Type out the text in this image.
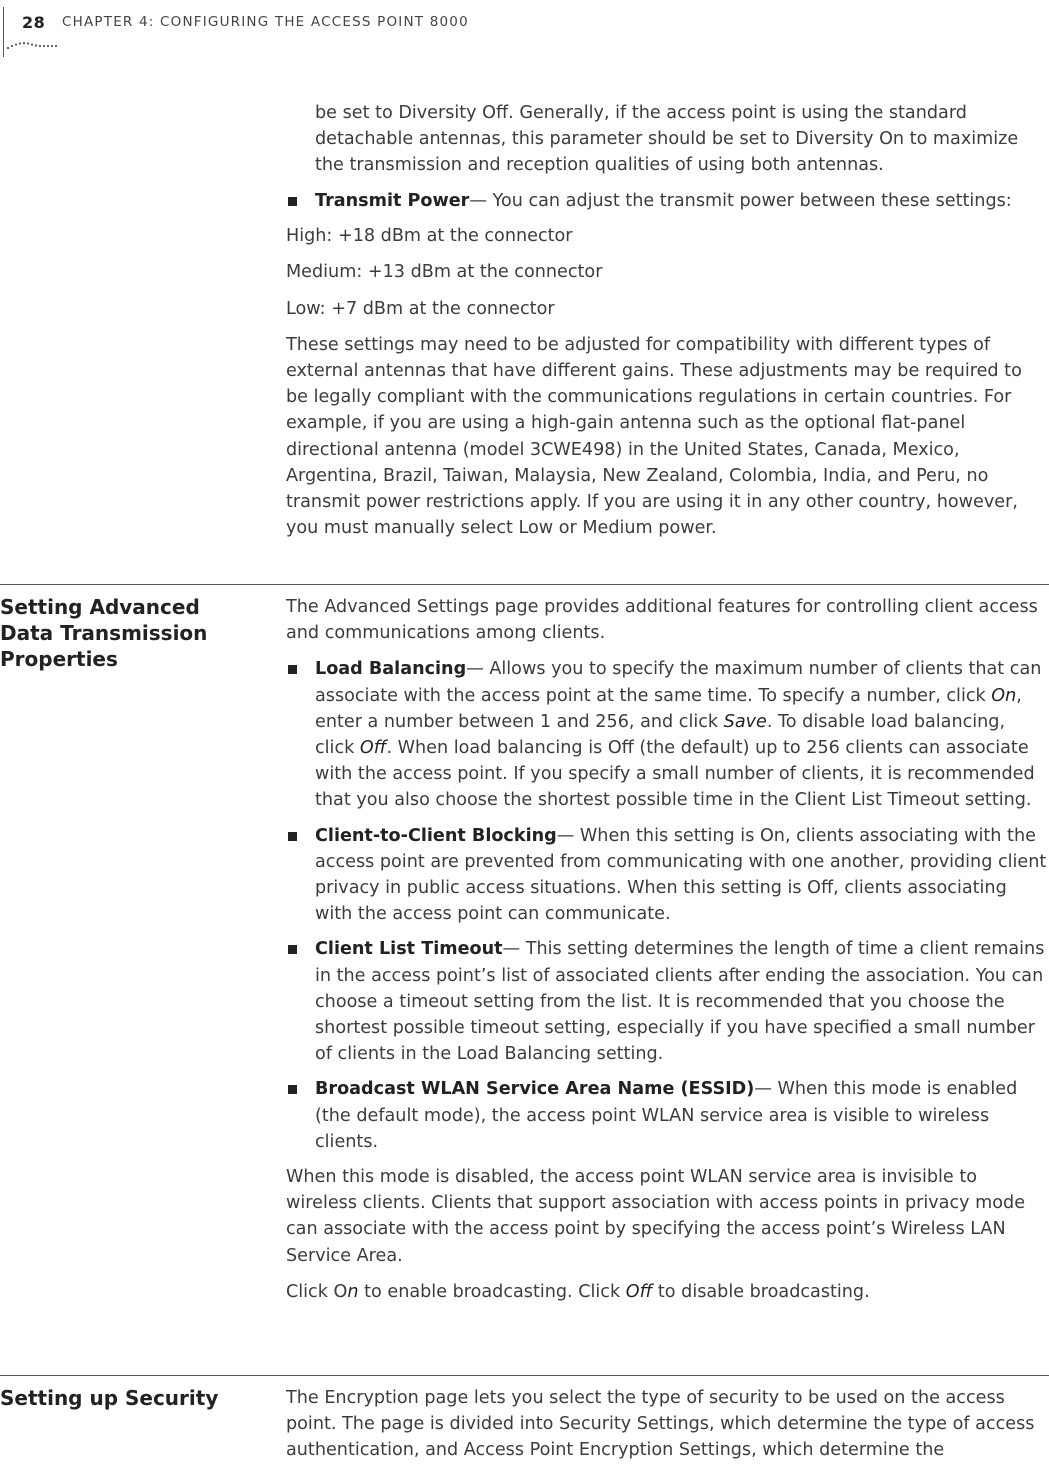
28 CHAPTER 4: CONFIGURING THE ACCESS POINT 8000

be set to Diversity Off. Generally, if the access point is using the standard detachable antennas, this parameter should be set to Diversity On to maximize the transmission and reception qualities of using both antennas.

Transmit Power— You can adjust the transmit power between these settings:

High: +18 dBm at the connector

Medium: +13 dBm at the connector

Low: +7 dBm at the connector

These settings may need to be adjusted for compatibility with different types of external antennas that have different gains. These adjustments may be required to be legally compliant with the communications regulations in certain countries. For example, if you are using a high-gain antenna such as the optional flat-panel directional antenna (model 3CWE498) in the United States, Canada, Mexico, Argentina, Brazil, Taiwan, Malaysia, New Zealand, Colombia, India, and Peru, no transmit power restrictions apply. If you are using it in any other country, however, you must manually select Low or Medium power.

Setting Advanced Data Transmission Properties

The Advanced Settings page provides additional features for controlling client access and communications among clients.

Load Balancing— Allows you to specify the maximum number of clients that can associate with the access point at the same time. To specify a number, click On, enter a number between 1 and 256, and click Save. To disable load balancing, click Off. When load balancing is Off (the default) up to 256 clients can associate with the access point. If you specify a small number of clients, it is recommended that you also choose the shortest possible time in the Client List Timeout setting.
Client-to-Client Blocking— When this setting is On, clients associating with the access point are prevented from communicating with one another, providing client privacy in public access situations. When this setting is Off, clients associating with the access point can communicate.
Client List Timeout— This setting determines the length of time a client remains in the access point’s list of associated clients after ending the association. You can choose a timeout setting from the list. It is recommended that you choose the shortest possible timeout setting, especially if you have specified a small number of clients in the Load Balancing setting.
Broadcast WLAN Service Area Name (ESSID)— When this mode is enabled (the default mode), the access point WLAN service area is visible to wireless clients.

When this mode is disabled, the access point WLAN service area is invisible to wireless clients. Clients that support association with access points in privacy mode can associate with the access point by specifying the access point’s Wireless LAN Service Area.

Click On to enable broadcasting. Click Off to disable broadcasting.

Setting up Security	The Encryption page lets you select the type of security to be used on the access point. The page is divided into Security Settings, which determine the type of access authentication, and Access Point Encryption Settings, which determine the
